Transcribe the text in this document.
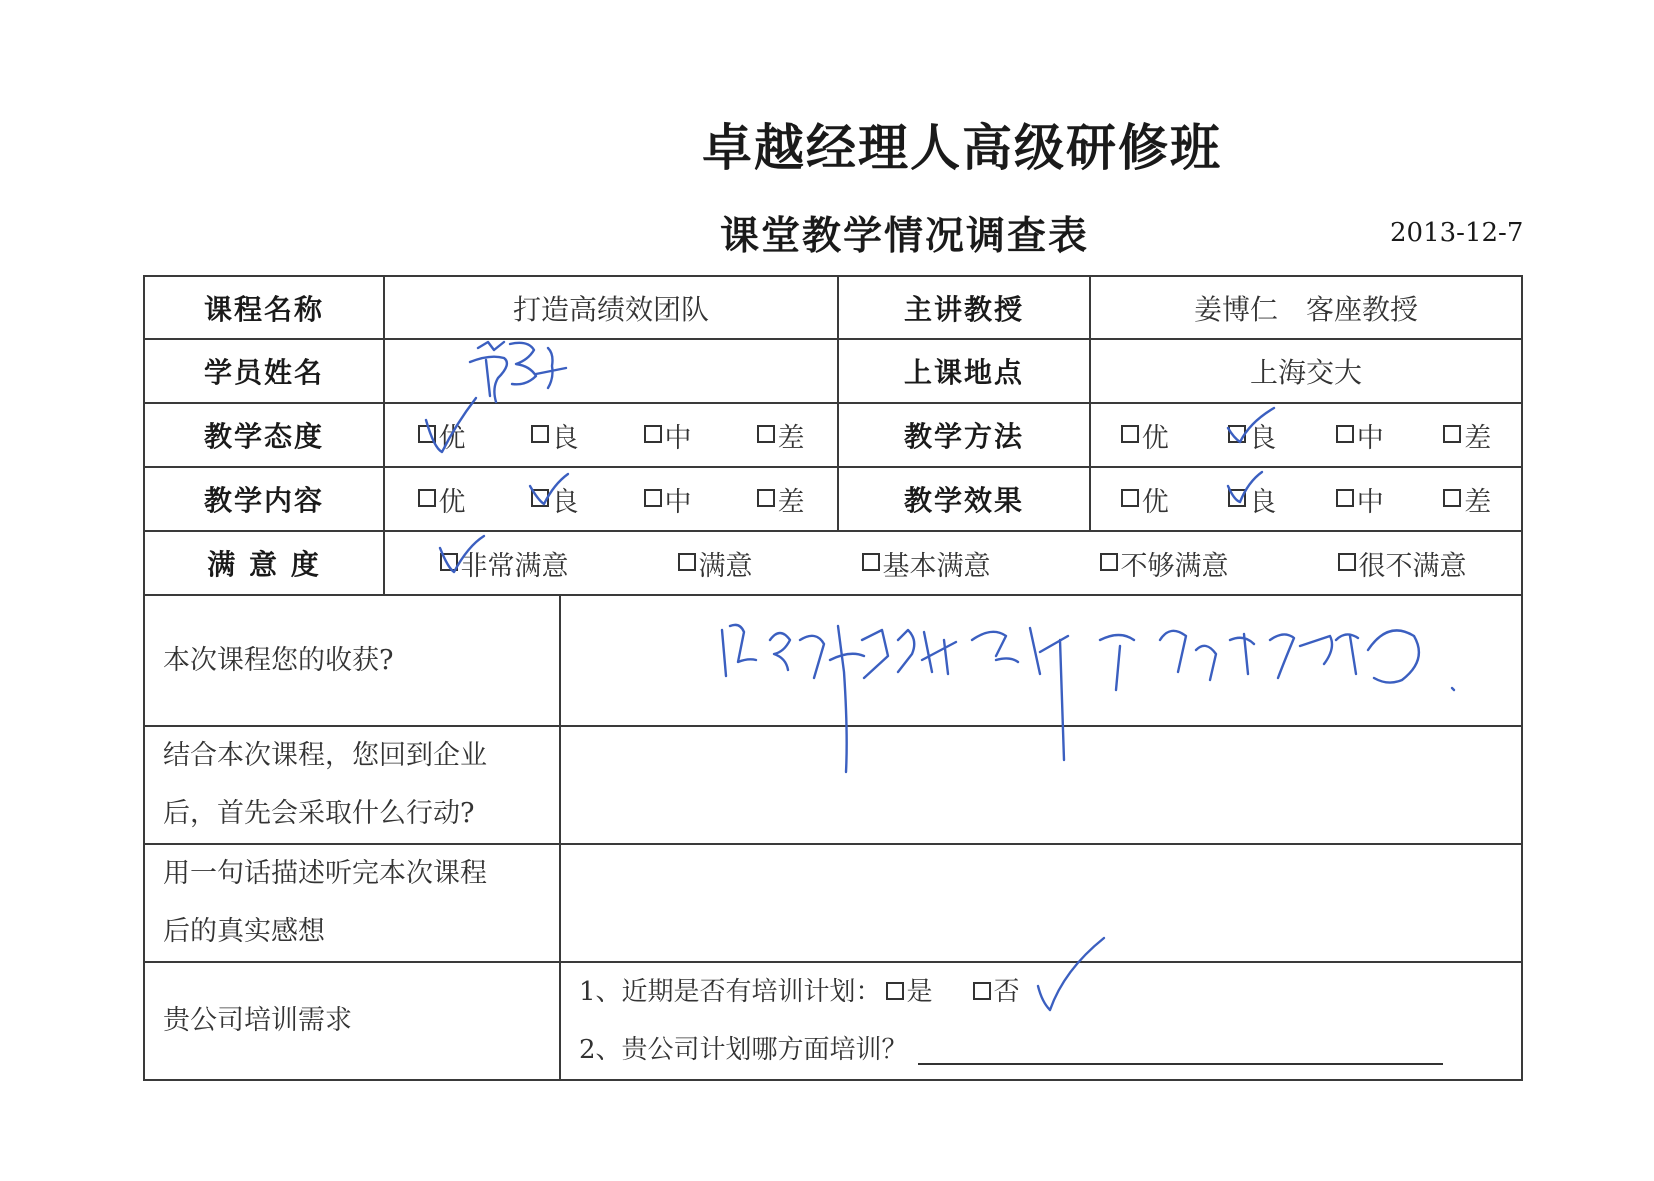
卓越经理人高级研修班
课堂教学情况调查表	2013-12-7
课程名称	打造高绩效团队		主讲教授	姜博仁　客座教授
学员姓名			上课地点	上海交大
教学态度	优 良 中 差		教学方法	优 良 中 差

教学内容	优 良 中 差		教学效果	优 良 中 差

满 意 度	非常满意 满意 基本满意 不够满意 很不满意			

本次课程您的收获?				

结合本次课程，您回到企业
后，首先会采取什么行动?				

用一句话描述听完本次课程
后的真实感想				

贵公司培训需求		1、近期是否有培训计划： 是 否
2、贵公司计划哪方面培训？		
